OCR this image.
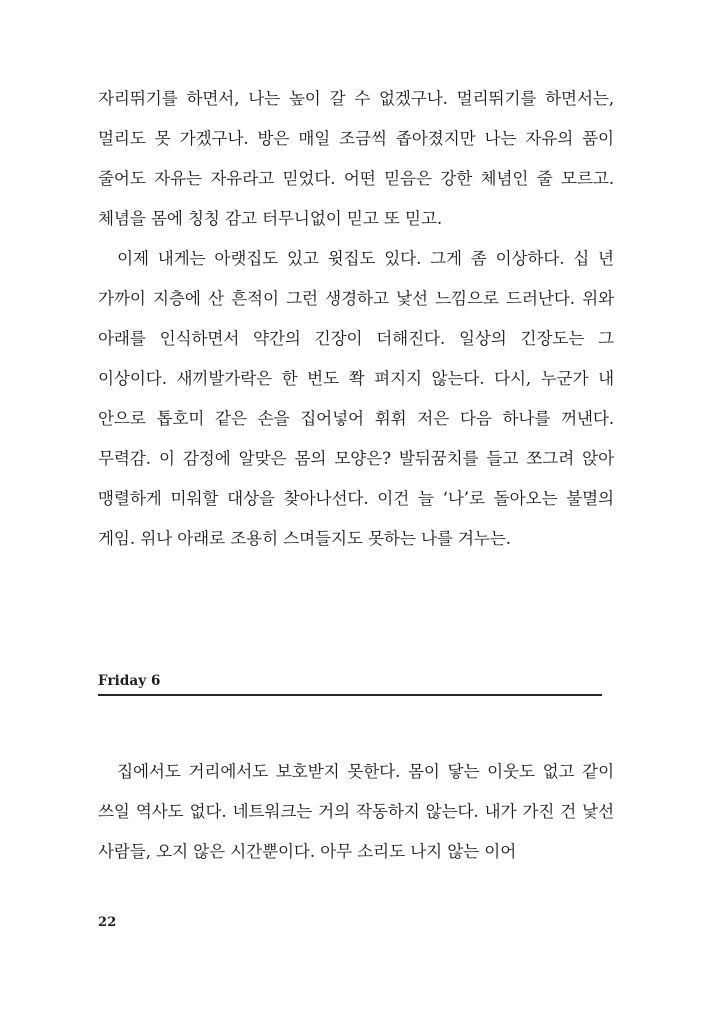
자리뛰기를 하면서, 나는 높이 갈 수 없겠구나. 멀리뛰기를 하면서는, 멀리도 못 가겠구나. 방은 매일 조금씩 좁아졌지만 나는 자유의 품이 줄어도 자유는 자유라고 믿었다. 어떤 믿음은 강한 체념인 줄 모르고. 체념을 몸에 칭칭 감고 터무니없이 믿고 또 믿고.

이제 내게는 아랫집도 있고 윗집도 있다. 그게 좀 이상하다. 십 년 가까이 지층에 산 흔적이 그런 생경하고 낯선 느낌으로 드러난다. 위와 아래를 인식하면서 약간의 긴장이 더해진다. 일상의 긴장도는 그 이상이다. 새끼발가락은 한 번도 쫙 펴지지 않는다. 다시, 누군가 내 안으로 톱호미 같은 손을 집어넣어 휘휘 저은 다음 하나를 꺼낸다. 무력감. 이 감정에 알맞은 몸의 모양은? 발뒤꿈치를 들고 쪼그려 앉아 맹렬하게 미워할 대상을 찾아나선다. 이건 늘 ‘나’로 돌아오는 불멸의 게임. 위나 아래로 조용히 스며들지도 못하는 나를 겨누는.

Friday 6

집에서도 거리에서도 보호받지 못한다. 몸이 닿는 이웃도 없고 같이 쓰일 역사도 없다. 네트워크는 거의 작동하지 않는다. 내가 가진 건 낯선 사람들, 오지 않은 시간뿐이다. 아무 소리도 나지 않는 이어

22
